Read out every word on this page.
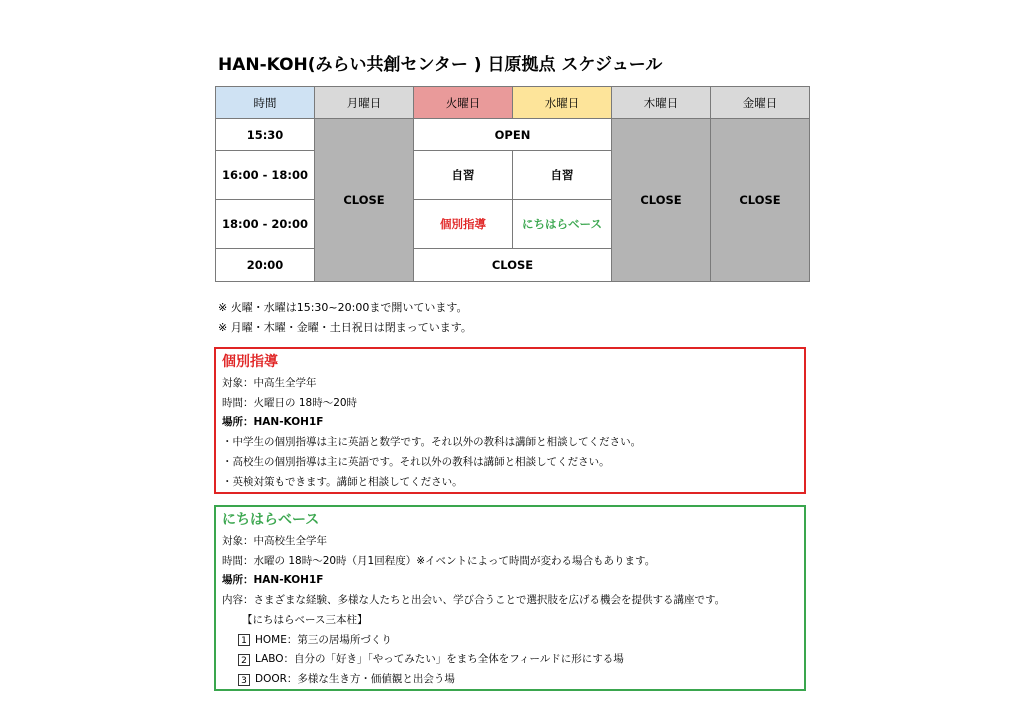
HAN-KOH(みらい共創センター ) 日原拠点 スケジュール
時間	月曜日	火曜日	水曜日	木曜日	金曜日
15:30	CLOSE	OPEN		CLOSE	CLOSE
16:00 - 18:00		自習	自習		
18:00 - 20:00		個別指導	にちはらベース		
20:00		CLOSE			
※ 火曜・水曜は15:30~20:00まで開いています。
※ 月曜・木曜・金曜・土日祝日は閉まっています。
個別指導
対象：中高生全学年
時間：火曜日の 18時～20時
場所：HAN-KOH1F
・中学生の個別指導は主に英語と数学です。それ以外の教科は講師と相談してください。
・高校生の個別指導は主に英語です。それ以外の教科は講師と相談してください。
・英検対策もできます。講師と相談してください。
にちはらベース
対象：中高校生全学年
時間：水曜の 18時～20時（月1回程度）※イベントによって時間が変わる場合もあります。
場所：HAN-KOH1F
内容：さまざまな経験、多様な人たちと出会い、学び合うことで選択肢を広げる機会を提供する講座です。
【にちはらベース三本柱】
1 HOME：第三の居場所づくり
2 LABO：自分の「好き」「やってみたい」をまち全体をフィールドに形にする場
3 DOOR：多様な生き方・価値観と出会う場
